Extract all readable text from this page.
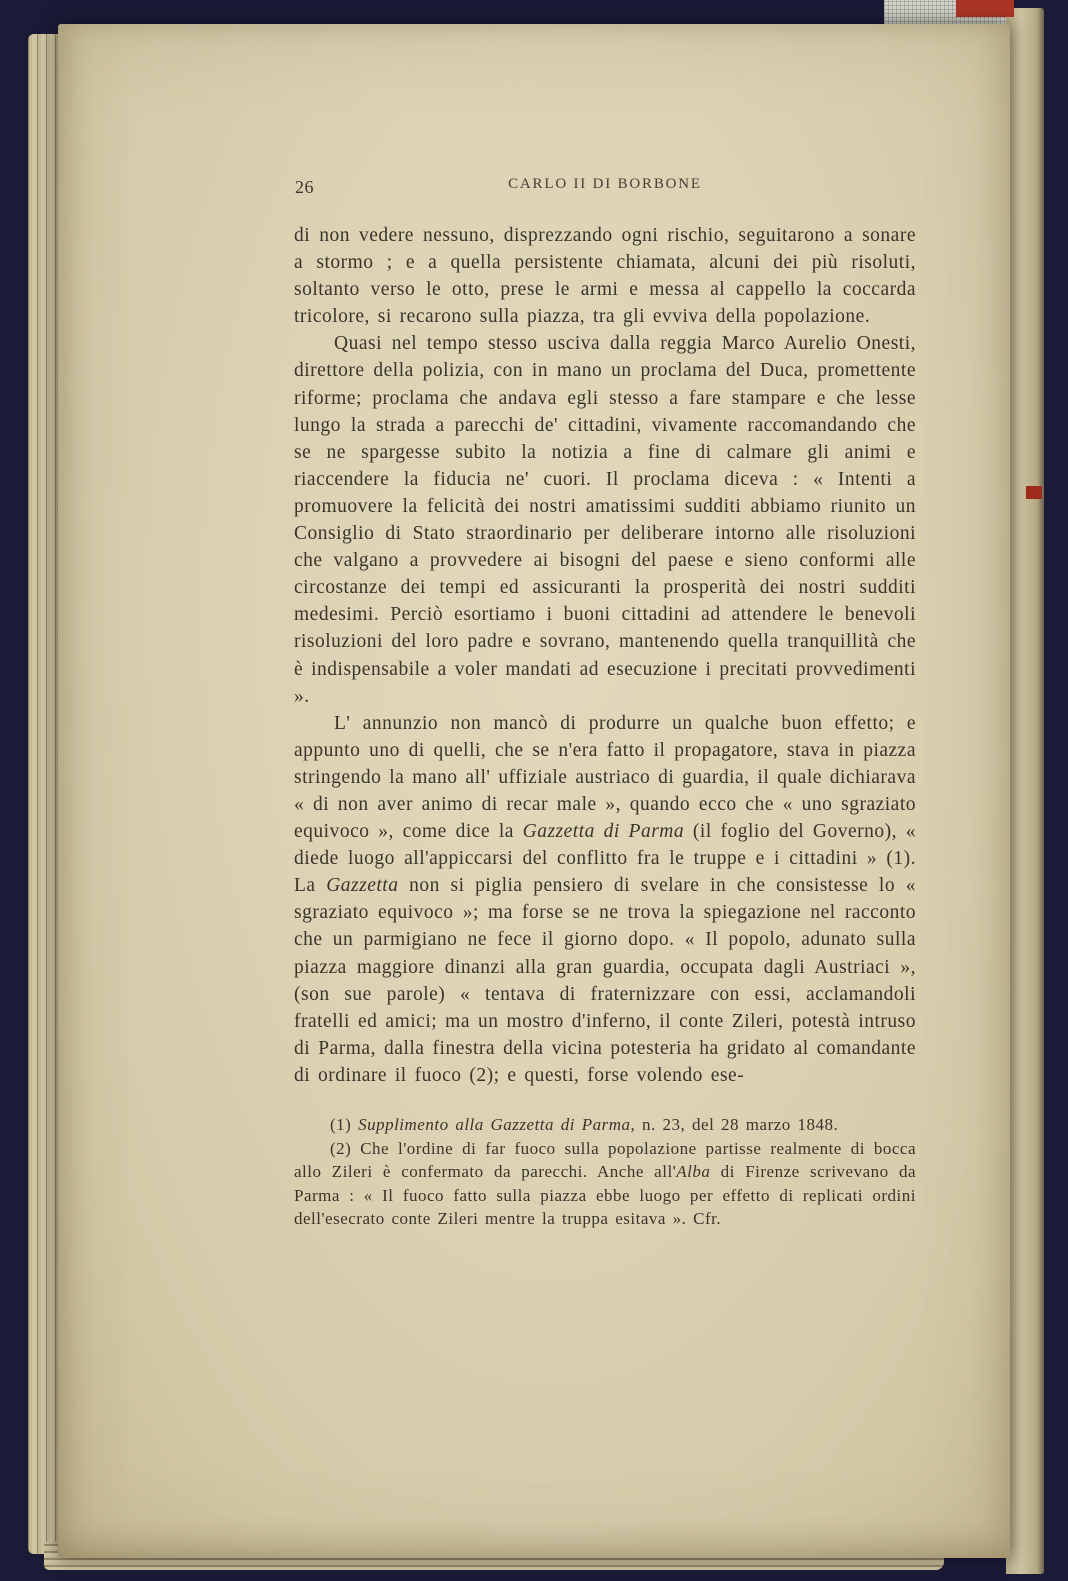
26	CARLO II DI BORBONE

di non vedere nessuno, disprezzando ogni rischio, seguitarono a sonare a stormo ; e a quella persistente chiamata, alcuni dei più risoluti, soltanto verso le otto, prese le armi e messa al cappello la coccarda tricolore, si recarono sulla piazza, tra gli evviva della popolazione.

Quasi nel tempo stesso usciva dalla reggia Marco Aurelio Onesti, direttore della polizia, con in mano un proclama del Duca, promettente riforme; proclama che andava egli stesso a fare stampare e che lesse lungo la strada a parecchi de' cittadini, vivamente raccomandando che se ne spargesse subito la notizia a fine di calmare gli animi e riaccendere la fiducia ne' cuori. Il proclama diceva : « Intenti a promuovere la felicità dei nostri amatissimi sudditi abbiamo riunito un Consiglio di Stato straordinario per deliberare intorno alle risoluzioni che valgano a provvedere ai bisogni del paese e sieno conformi alle circostanze dei tempi ed assicuranti la prosperità dei nostri sudditi medesimi. Perciò esortiamo i buoni cittadini ad attendere le benevoli risoluzioni del loro padre e sovrano, mantenendo quella tranquillità che è indispensabile a voler mandati ad esecuzione i precitati provvedimenti ».

L' annunzio non mancò di produrre un qualche buon effetto; e appunto uno di quelli, che se n'era fatto il propagatore, stava in piazza stringendo la mano all' uffiziale austriaco di guardia, il quale dichiarava « di non aver animo di recar male », quando ecco che « uno sgraziato equivoco », come dice la Gazzetta di Parma (il foglio del Governo), « diede luogo all'appiccarsi del conflitto fra le truppe e i cittadini » (1). La Gazzetta non si piglia pensiero di svelare in che consistesse lo « sgraziato equivoco »; ma forse se ne trova la spiegazione nel racconto che un parmigiano ne fece il giorno dopo. « Il popolo, adunato sulla piazza maggiore dinanzi alla gran guardia, occupata dagli Austriaci », (son sue parole) « tentava di fraternizzare con essi, acclamandoli fratelli ed amici; ma un mostro d'inferno, il conte Zileri, potestà intruso di Parma, dalla finestra della vicina potesteria ha gridato al comandante di ordinare il fuoco (2); e questi, forse volendo ese-

(1) Supplimento alla Gazzetta di Parma, n. 23, del 28 marzo 1848.

(2) Che l'ordine di far fuoco sulla popolazione partisse realmente di bocca allo Zileri è confermato da parecchi. Anche all'Alba di Firenze scrivevano da Parma : « Il fuoco fatto sulla piazza ebbe luogo per effetto di replicati ordini dell'esecrato conte Zileri mentre la truppa esitava ». Cfr.
